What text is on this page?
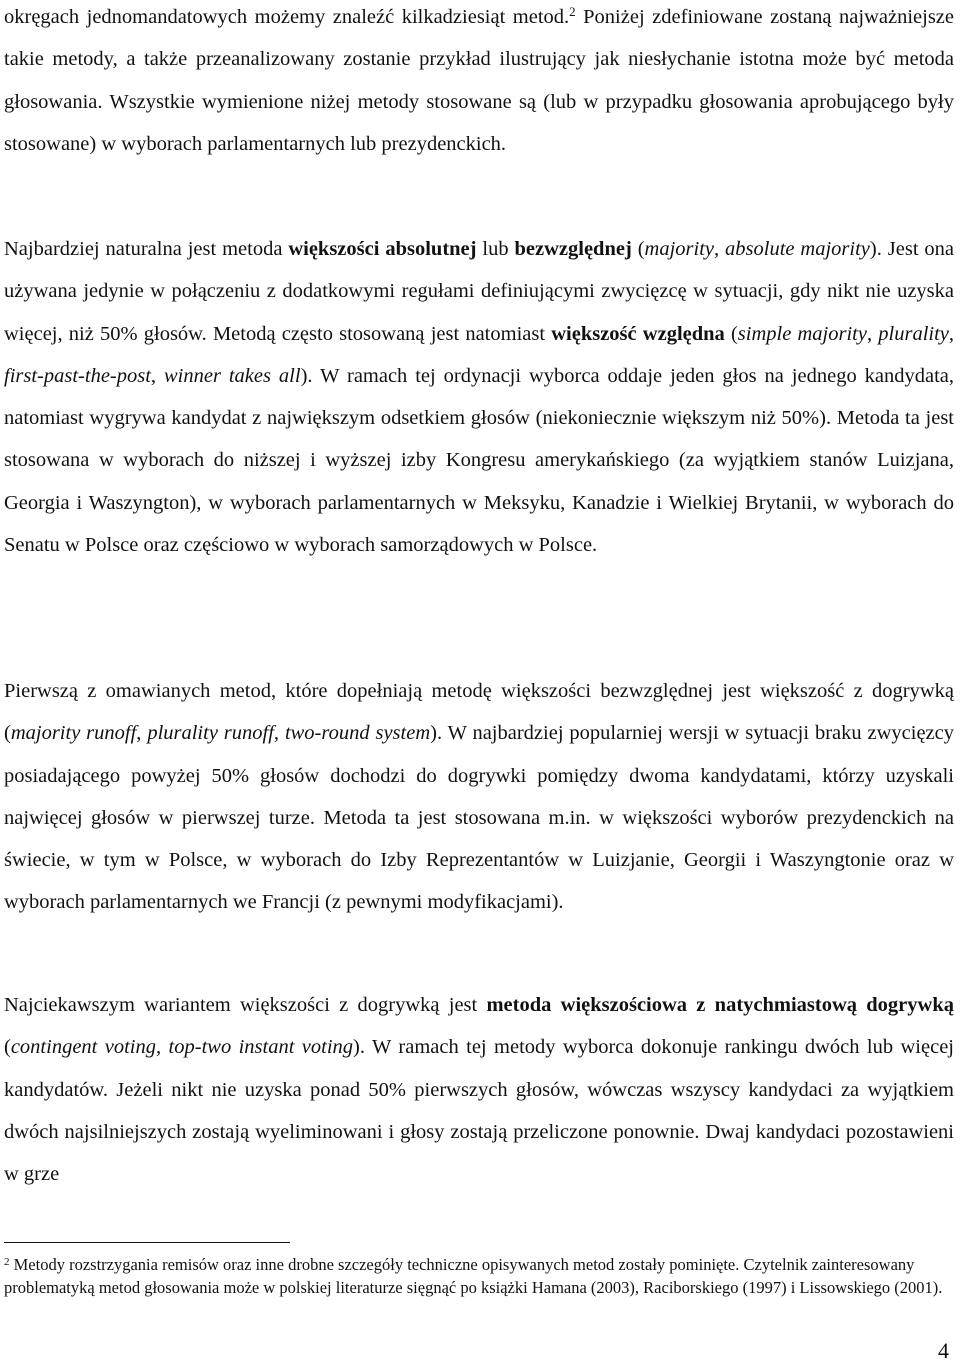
okręgach jednomandatowych możemy znaleźć kilkadziesiąt metod.$^2$ Poniżej zdefiniowane zostaną najważniejsze takie metody, a także przeanalizowany zostanie przykład ilustrujący jak niesłychanie istotna może być metoda głosowania. Wszystkie wymienione niżej metody stosowane są (lub w przypadku głosowania aprobującego były stosowane) w wyborach parlamentarnych lub prezydenckich.

Najbardziej naturalna jest metoda większości absolutnej lub bezwzględnej (majority, absolute majority). Jest ona używana jedynie w połączeniu z dodatkowymi regułami definiującymi zwycięzcę w sytuacji, gdy nikt nie uzyska więcej, niż 50% głosów. Metodą często stosowaną jest natomiast większość względna (simple majority, plurality, first-past-the-post, winner takes all). W ramach tej ordynacji wyborca oddaje jeden głos na jednego kandydata, natomiast wygrywa kandydat z największym odsetkiem głosów (niekoniecznie większym niż 50%). Metoda ta jest stosowana w wyborach do niższej i wyższej izby Kongresu amerykańskiego (za wyjątkiem stanów Luizjana, Georgia i Waszyngton), w wyborach parlamentarnych w Meksyku, Kanadzie i Wielkiej Brytanii, w wyborach do Senatu w Polsce oraz częściowo w wyborach samorządowych w Polsce.

Pierwszą z omawianych metod, które dopełniają metodę większości bezwzględnej jest większość z dogrywką (majority runoff, plurality runoff, two-round system). W najbardziej popularniej wersji w sytuacji braku zwycięzcy posiadającego powyżej 50% głosów dochodzi do dogrywki pomiędzy dwoma kandydatami, którzy uzyskali najwięcej głosów w pierwszej turze. Metoda ta jest stosowana m.in. w większości wyborów prezydenckich na świecie, w tym w Polsce, w wyborach do Izby Reprezentantów w Luizjanie, Georgii i Waszyngtonie oraz w wyborach parlamentarnych we Francji (z pewnymi modyfikacjami).

Najciekawszym wariantem większości z dogrywką jest metoda większościowa z natychmiastową dogrywką (contingent voting, top-two instant voting). W ramach tej metody wyborca dokonuje rankingu dwóch lub więcej kandydatów. Jeżeli nikt nie uzyska ponad 50% pierwszych głosów, wówczas wszyscy kandydaci za wyjątkiem dwóch najsilniejszych zostają wyeliminowani i głosy zostają przeliczone ponownie. Dwaj kandydaci pozostawieni w grze

$^2$ Metody rozstrzygania remisów oraz inne drobne szczegóły techniczne opisywanych metod zostały pominięte. Czytelnik zainteresowany problematyką metod głosowania może w polskiej literaturze sięgnąć po książki Hamana (2003), Raciborskiego (1997) i Lissowskiego (2001).

4
